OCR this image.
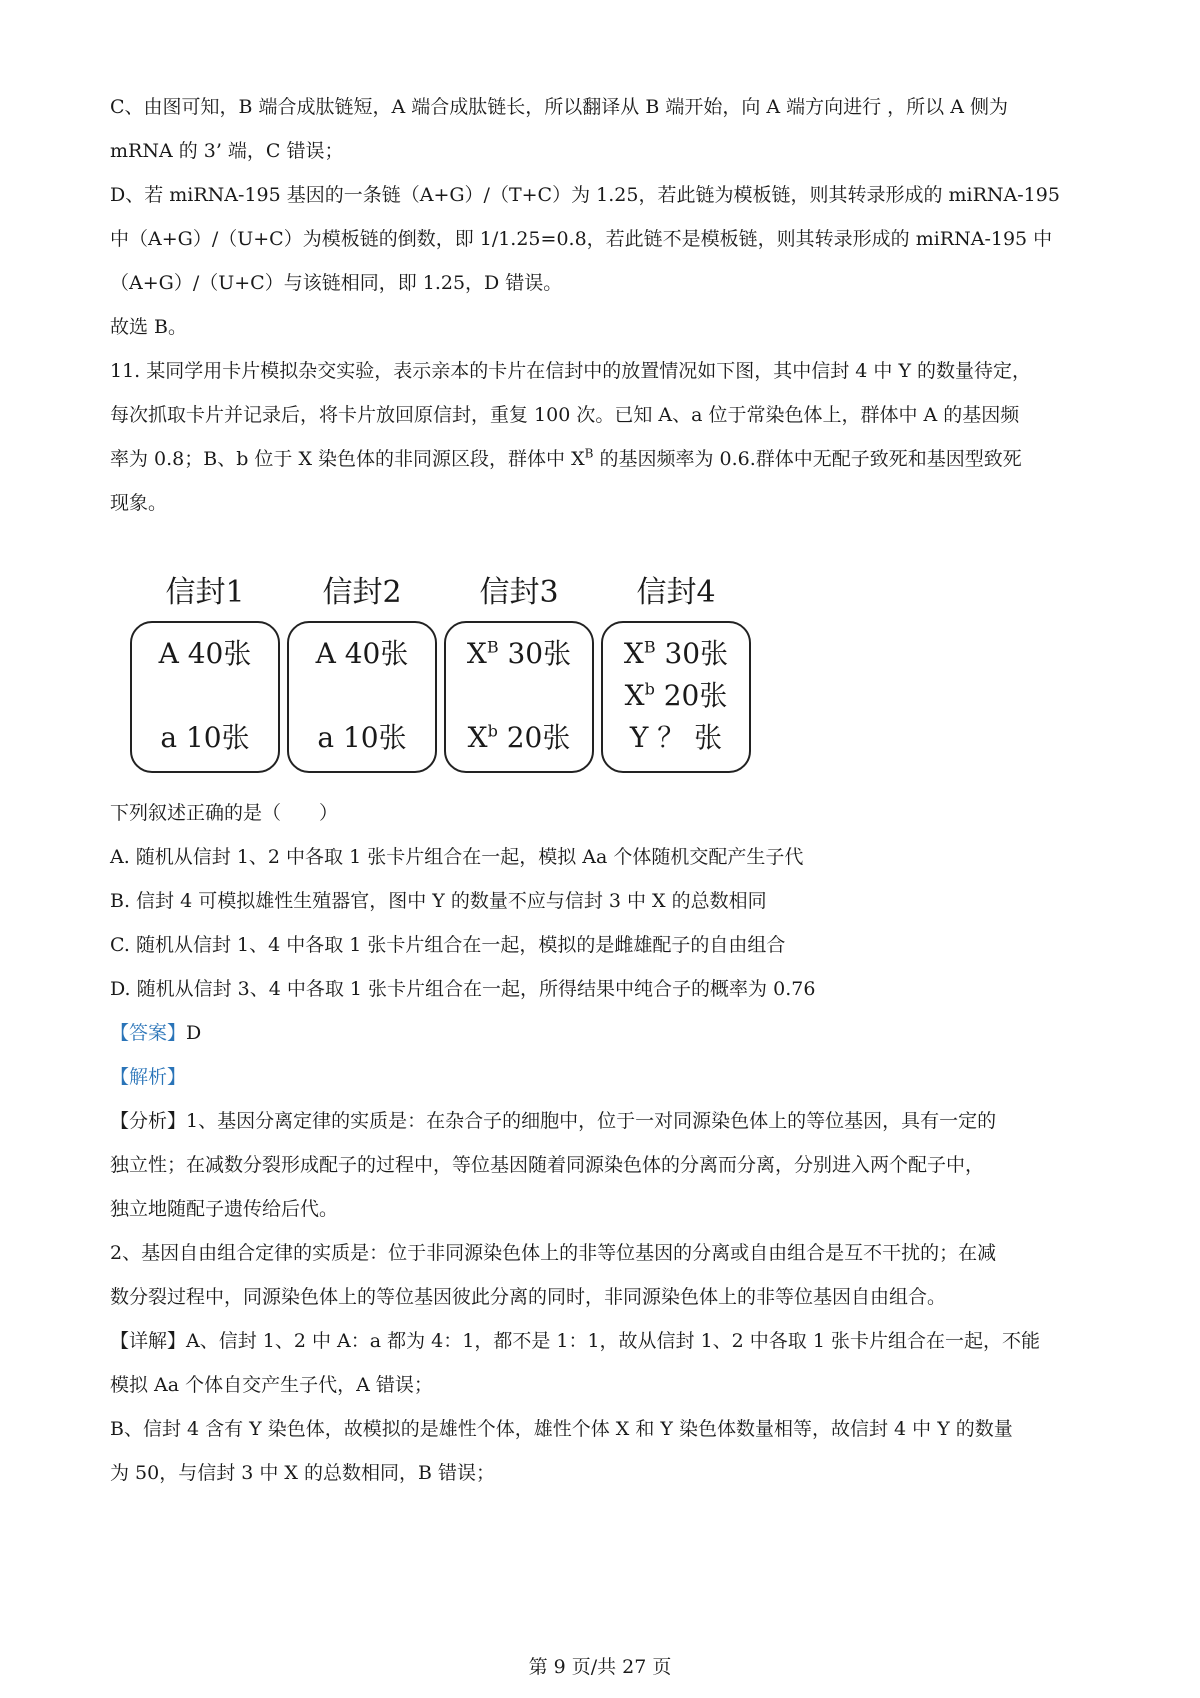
C、由图可知，B 端合成肽链短，A 端合成肽链长，所以翻译从 B 端开始，向 A 端方向进行 ，所以 A 侧为

mRNA 的 3’ 端，C 错误；

D、若 miRNA-195 基因的一条链（A+G）/（T+C）为 1.25，若此链为模板链，则其转录形成的 miRNA-195

中（A+G）/（U+C）为模板链的倒数，即 1/1.25=0.8，若此链不是模板链，则其转录形成的 miRNA-195 中

（A+G）/（U+C）与该链相同，即 1.25，D 错误。

故选 B。

11. 某同学用卡片模拟杂交实验，表示亲本的卡片在信封中的放置情况如下图，其中信封 4 中 Y 的数量待定，

每次抓取卡片并记录后，将卡片放回原信封，重复 100 次。已知 A、a 位于常染色体上，群体中 A 的基因频

率为 0.8；B、b 位于 X 染色体的非同源区段，群体中 $X^B$ 的基因频率为 0.6.群体中无配子致死和基因型致死

现象。

信封1
A 40张
a 10张
信封2
A 40张
a 10张
信封3
$X^B$ 30张
$X^b$ 20张
信封4
$X^B$ 30张
$X^b$ 20张
Y ？ 张

下列叙述正确的是（　　）

A. 随机从信封 1、2 中各取 1 张卡片组合在一起，模拟 Aa 个体随机交配产生子代

B. 信封 4 可模拟雄性生殖器官，图中 Y 的数量不应与信封 3 中 X 的总数相同

C. 随机从信封 1、4 中各取 1 张卡片组合在一起，模拟的是雌雄配子的自由组合

D. 随机从信封 3、4 中各取 1 张卡片组合在一起，所得结果中纯合子的概率为 0.76

【答案】D

【解析】

【分析】1、基因分离定律的实质是：在杂合子的细胞中，位于一对同源染色体上的等位基因，具有一定的

独立性；在减数分裂形成配子的过程中，等位基因随着同源染色体的分离而分离，分别进入两个配子中，

独立地随配子遗传给后代。

2、基因自由组合定律的实质是：位于非同源染色体上的非等位基因的分离或自由组合是互不干扰的；在减

数分裂过程中，同源染色体上的等位基因彼此分离的同时，非同源染色体上的非等位基因自由组合。

【详解】A、信封 1、2 中 A：a 都为 4：1，都不是 1：1，故从信封 1、2 中各取 1 张卡片组合在一起，不能

模拟 Aa 个体自交产生子代，A 错误；

B、信封 4 含有 Y 染色体，故模拟的是雄性个体，雄性个体 X 和 Y 染色体数量相等，故信封 4 中 Y 的数量

为 50，与信封 3 中 X 的总数相同，B 错误；

第 9 页/共 27 页
